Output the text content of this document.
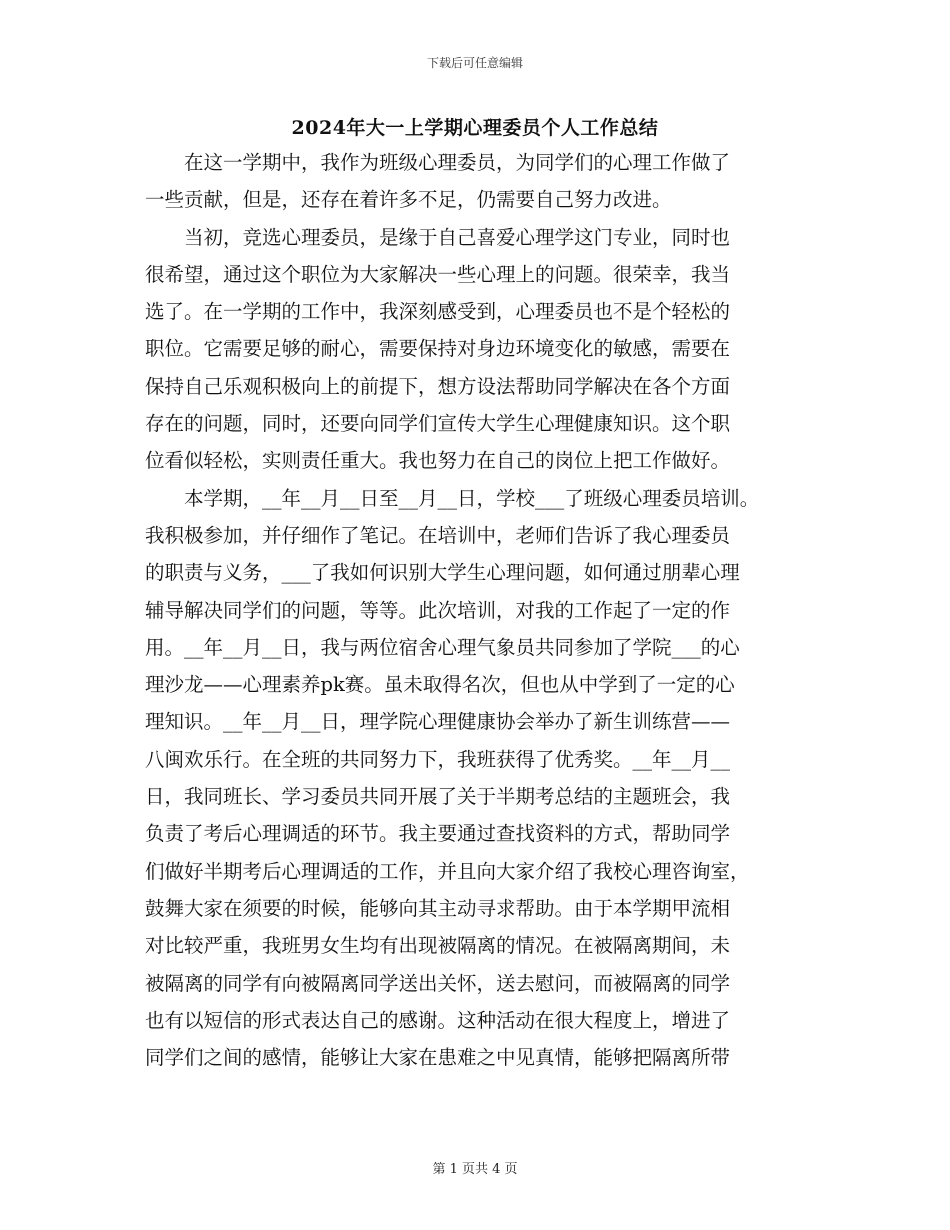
下载后可任意编辑
2024年大一上学期心理委员个人工作总结
在这一学期中，我作为班级心理委员，为同学们的心理工作做了
一些贡献，但是，还存在着许多不足，仍需要自己努力改进。
当初，竞选心理委员，是缘于自己喜爱心理学这门专业，同时也
很希望，通过这个职位为大家解决一些心理上的问题。很荣幸，我当
选了。在一学期的工作中，我深刻感受到，心理委员也不是个轻松的
职位。它需要足够的耐心，需要保持对身边环境变化的敏感，需要在
保持自己乐观积极向上的前提下，想方设法帮助同学解决在各个方面
存在的问题，同时，还要向同学们宣传大学生心理健康知识。这个职
位看似轻松，实则责任重大。我也努力在自己的岗位上把工作做好。
本学期，__年__月__日至__月__日，学校___了班级心理委员培训。
我积极参加，并仔细作了笔记。在培训中，老师们告诉了我心理委员
的职责与义务，___了我如何识别大学生心理问题，如何通过朋辈心理
辅导解决同学们的问题，等等。此次培训，对我的工作起了一定的作
用。__年__月__日，我与两位宿舍心理气象员共同参加了学院___的心
理沙龙——心理素养pk赛。虽未取得名次，但也从中学到了一定的心
理知识。__年__月__日，理学院心理健康协会举办了新生训练营——
八闽欢乐行。在全班的共同努力下，我班获得了优秀奖。__年__月__
日，我同班长、学习委员共同开展了关于半期考总结的主题班会，我
负责了考后心理调适的环节。我主要通过查找资料的方式，帮助同学
们做好半期考后心理调适的工作，并且向大家介绍了我校心理咨询室，
鼓舞大家在须要的时候，能够向其主动寻求帮助。由于本学期甲流相
对比较严重，我班男女生均有出现被隔离的情况。在被隔离期间，未
被隔离的同学有向被隔离同学送出关怀，送去慰问，而被隔离的同学
也有以短信的形式表达自己的感谢。这种活动在很大程度上，增进了
同学们之间的感情，能够让大家在患难之中见真情，能够把隔离所带
第 1 页共 4 页
